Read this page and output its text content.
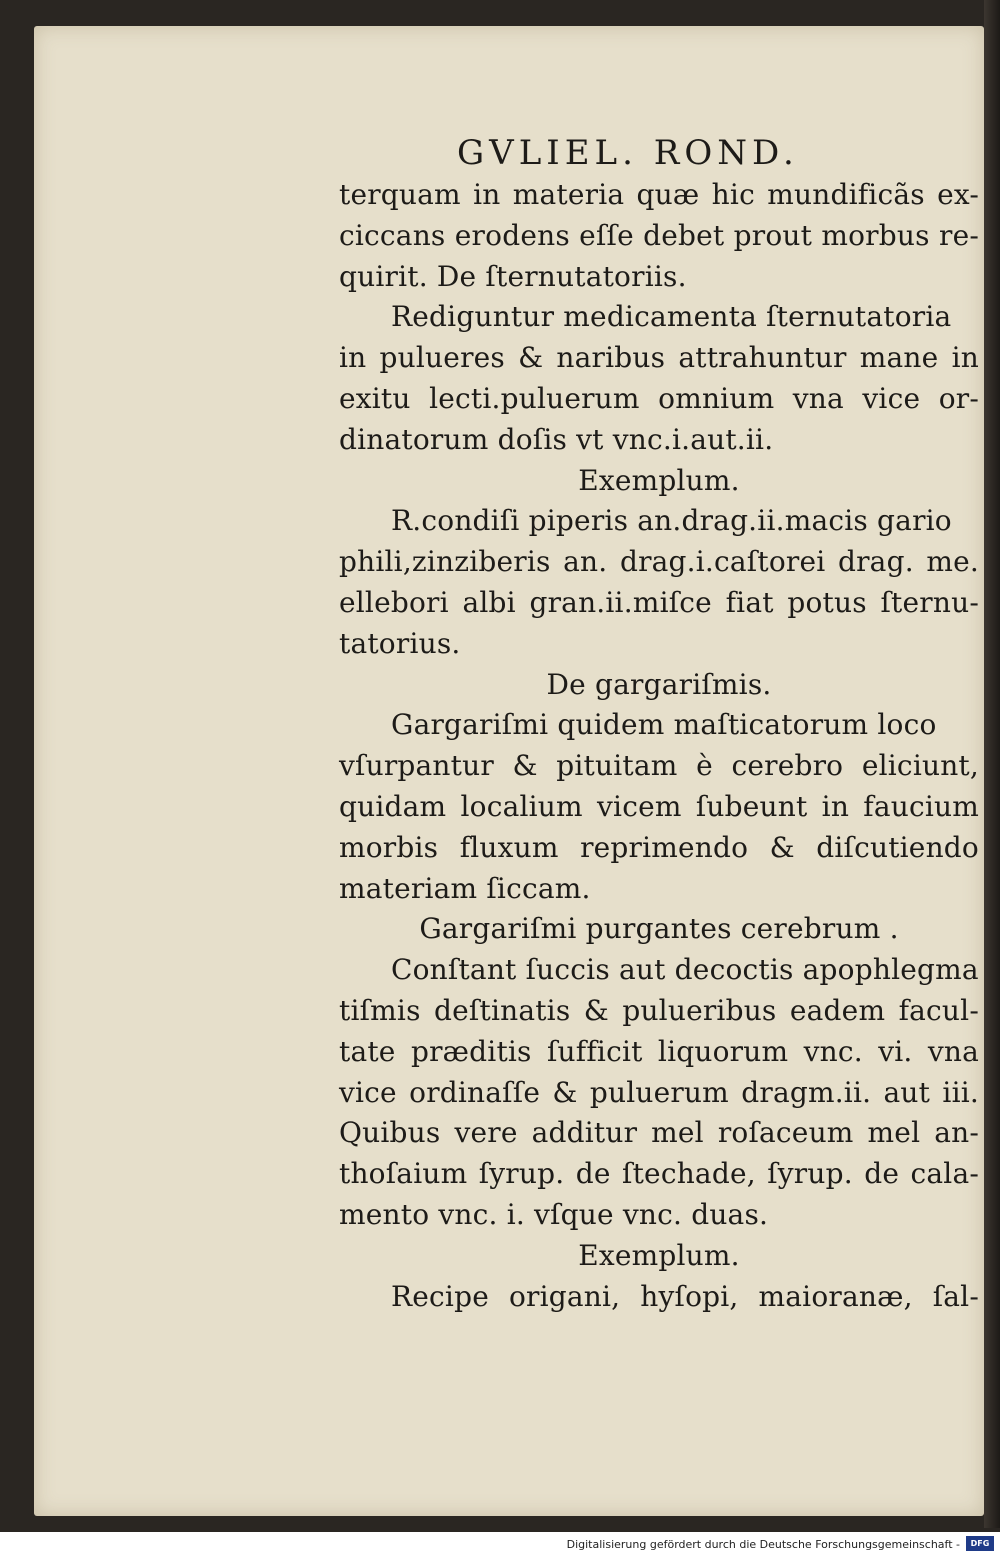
GVLIEL. ROND.
terquam in materia quæ hic mundificãs ex-
ciccans erodens eſſe debet prout morbus re-
quirit. De ſternutatoriis.
Rediguntur medicamenta ſternutatoria
in pulueres & naribus attrahuntur mane in
exitu lecti.puluerum omnium vna vice or-
dinatorum doſis vt vnc.i.aut.ii.
Exemplum.
R.condiſi piperis an.drag.ii.macis gario
phili,zinziberis an. drag.i.caſtorei drag. me.
ellebori albi gran.ii.miſce fiat potus ſternu-
tatorius.
De gargariſmis.
Gargariſmi quidem maſticatorum loco
vſurpantur & pituitam è cerebro eliciunt,
quidam localium vicem ſubeunt in faucium
morbis fluxum reprimendo & diſcutiendo
materiam ſiccam.
Gargariſmi purgantes cerebrum .
Conſtant ſuccis aut decoctis apophlegma
tiſmis deſtinatis & pulueribus eadem facul-
tate præditis ſufficit liquorum vnc. vi. vna
vice ordinaſſe & puluerum dragm.ii. aut iii.
Quibus vere additur mel roſaceum mel an-
thoſaium ſyrup. de ſtechade, ſyrup. de cala-
mento vnc. i. vſque vnc. duas.
Exemplum.
Recipe origani, hyſopi, maioranæ, ſal-
Digitalisierung gefördert durch die Deutsche Forschungsgemeinschaft -	DFG
